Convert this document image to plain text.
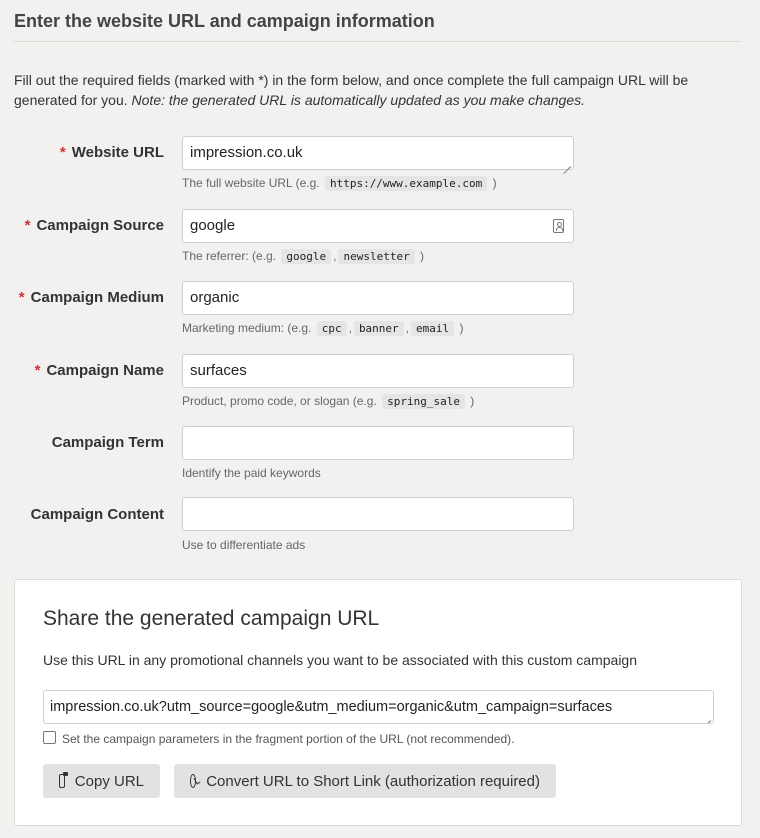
Enter the website URL and campaign information

Fill out the required fields (marked with *) in the form below, and once complete the full campaign URL will be generated for you. Note: the generated URL is automatically updated as you make changes.

* Website URL impression.co.uk
The full website URL (e.g. https://www.example.com )
* Campaign Source google
The referrer: (e.g. google , newsletter )
* Campaign Medium organic
Marketing medium: (e.g. cpc , banner , email )
* Campaign Name surfaces
Product, promo code, or slogan (e.g. spring_sale )
Campaign Term
Identify the paid keywords
Campaign Content
Use to differentiate ads
Share the generated campaign URL
Use this URL in any promotional channels you want to be associated with this custom campaign
impression.co.uk?utm_source=google&utm_medium=organic&utm_campaign=surfaces
Set the campaign parameters in the fragment portion of the URL (not recommended).
Copy URL	Convert URL to Short Link (authorization required)
